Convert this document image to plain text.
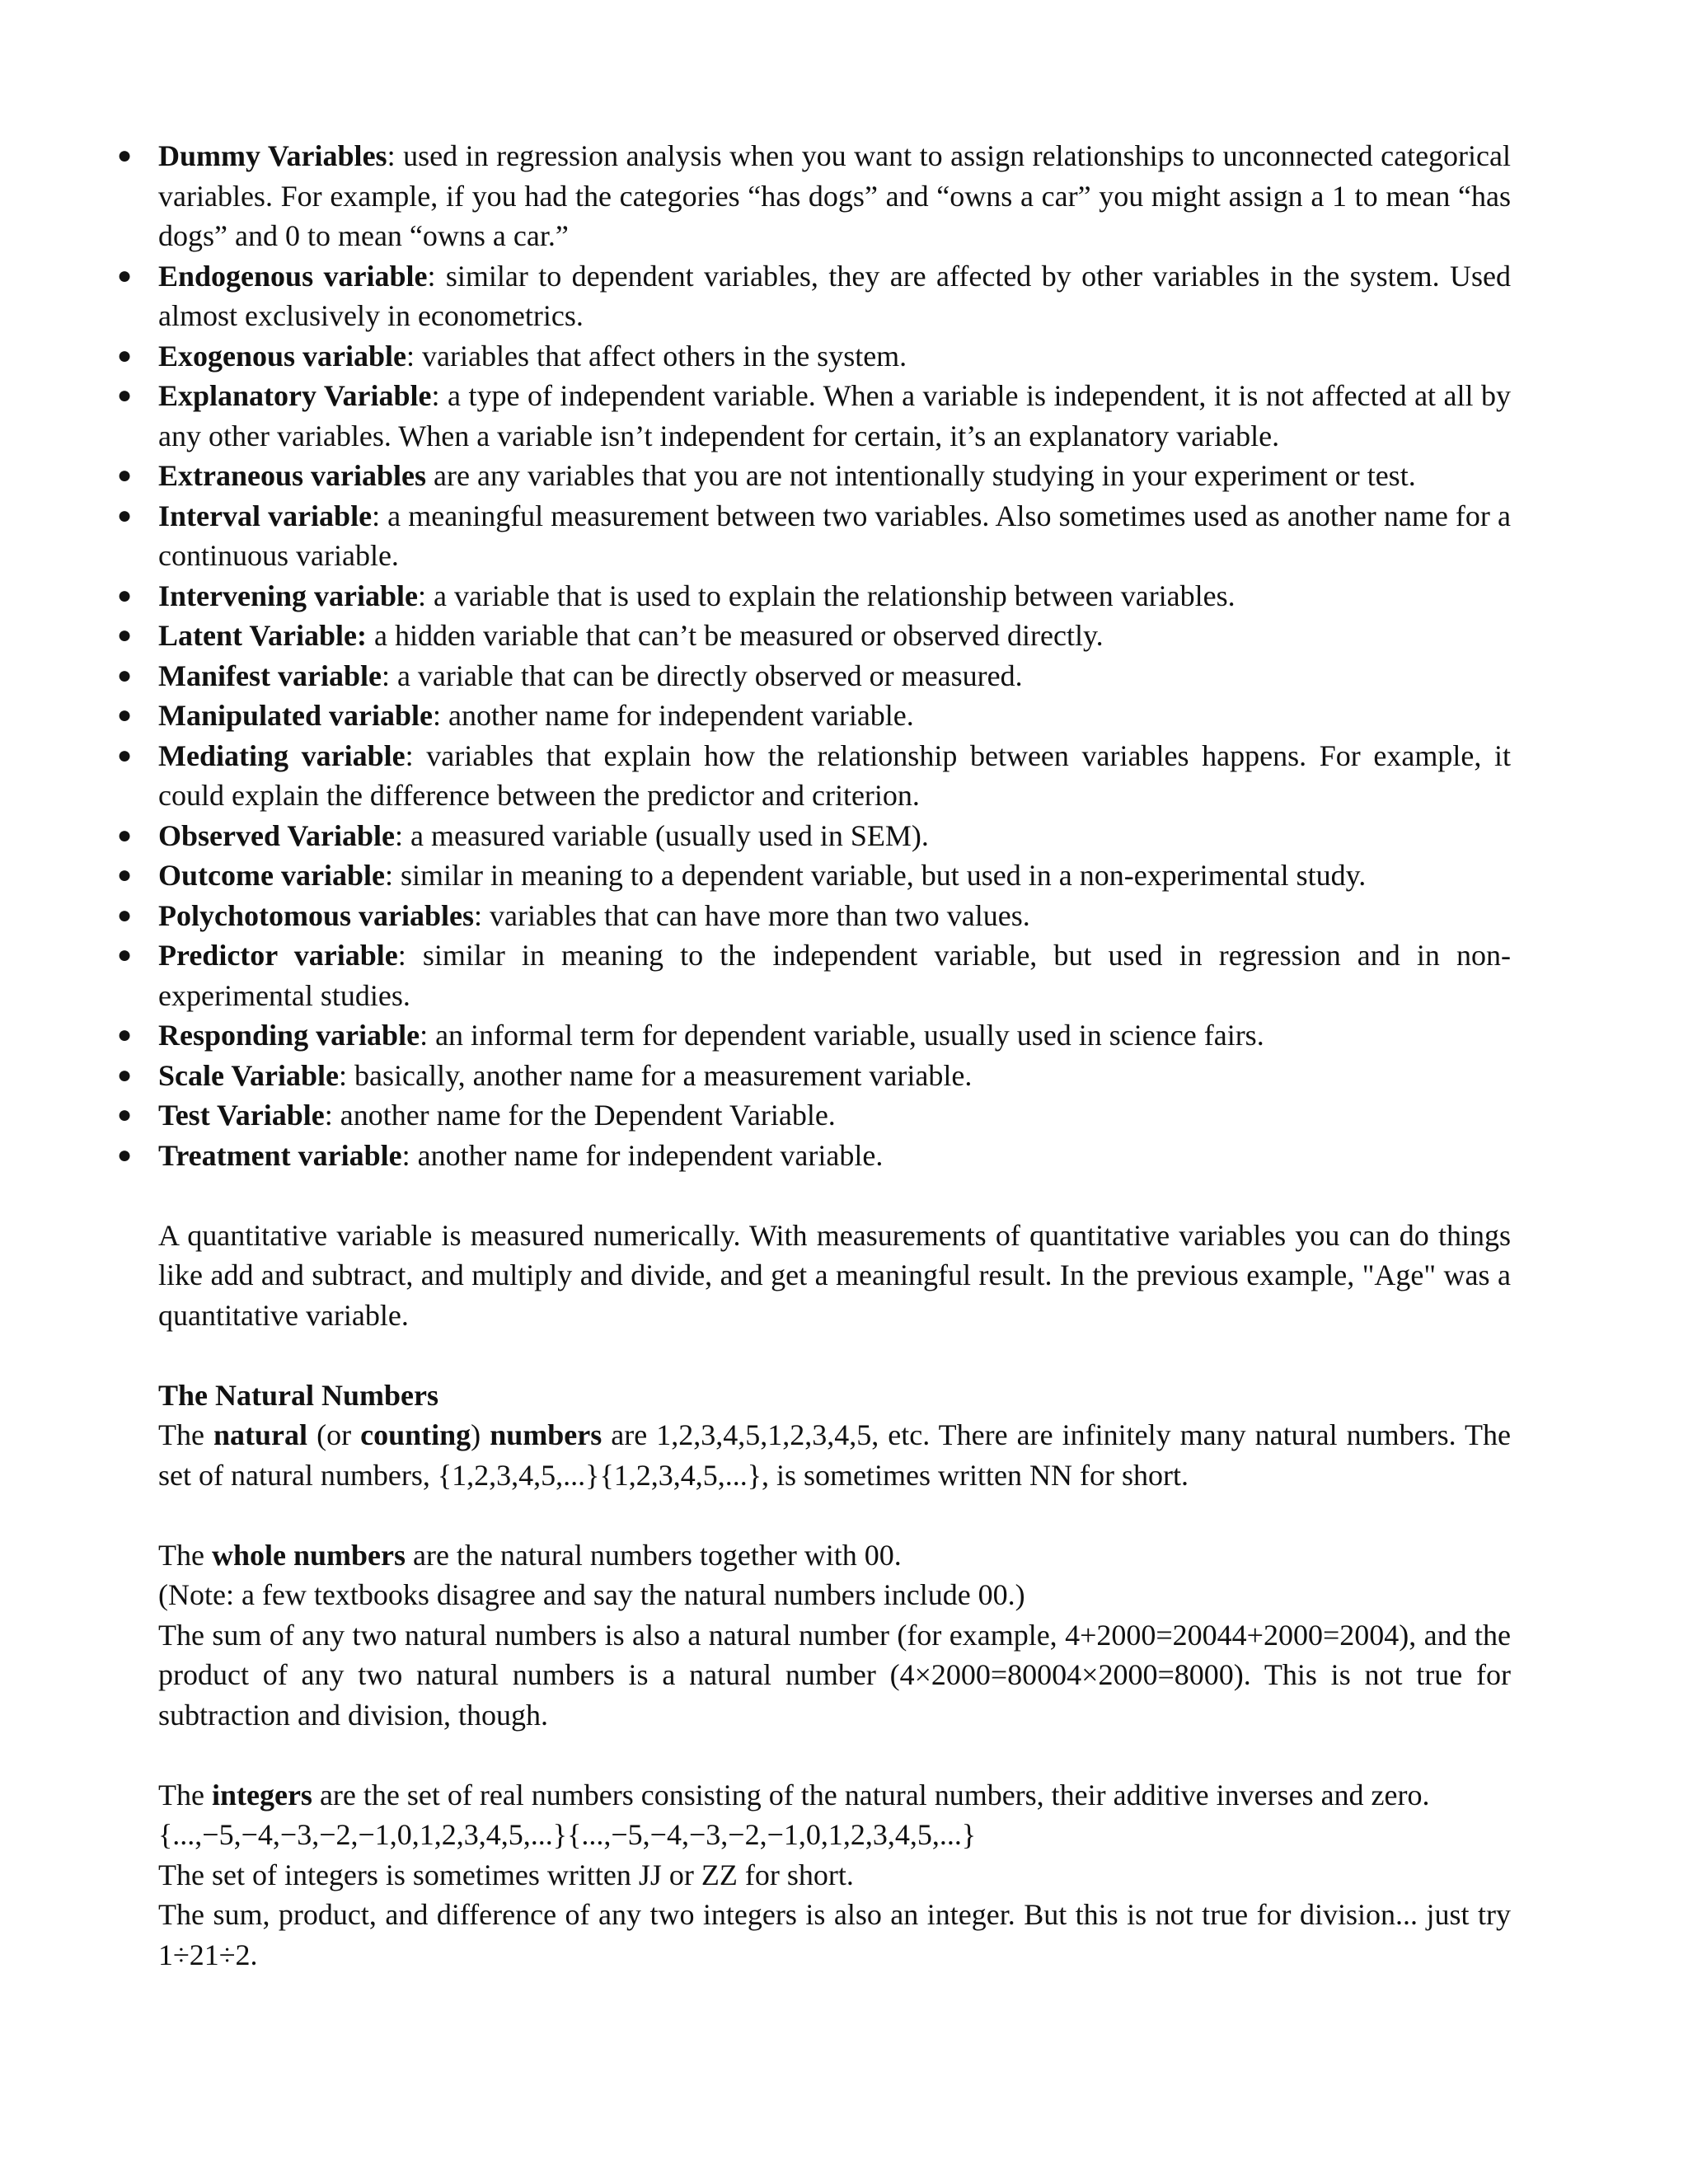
● Dummy Variables: used in regression analysis when you want to assign relationships to unconnected categorical variables. For example, if you had the categories “has dogs” and “owns a car” you might assign a 1 to mean “has dogs” and 0 to mean “owns a car.”
● Endogenous variable: similar to dependent variables, they are affected by other variables in the system. Used almost exclusively in econometrics.
● Exogenous variable: variables that affect others in the system.
● Explanatory Variable: a type of independent variable. When a variable is independent, it is not affected at all by any other variables. When a variable isn’t independent for certain, it’s an explanatory variable.
● Extraneous variables are any variables that you are not intentionally studying in your experiment or test.
● Interval variable: a meaningful measurement between two variables. Also sometimes used as another name for a continuous variable.
● Intervening variable: a variable that is used to explain the relationship between variables.
● Latent Variable: a hidden variable that can’t be measured or observed directly.
● Manifest variable: a variable that can be directly observed or measured.
● Manipulated variable: another name for independent variable.
● Mediating variable: variables that explain how the relationship between variables happens. For example, it could explain the difference between the predictor and criterion.
● Observed Variable: a measured variable (usually used in SEM).
● Outcome variable: similar in meaning to a dependent variable, but used in a non-experimental study.
● Polychotomous variables: variables that can have more than two values.
● Predictor variable: similar in meaning to the independent variable, but used in regression and in non-experimental studies.
● Responding variable: an informal term for dependent variable, usually used in science fairs.
● Scale Variable: basically, another name for a measurement variable.
● Test Variable: another name for the Dependent Variable.
● Treatment variable: another name for independent variable.

A quantitative variable is measured numerically. With measurements of quantitative variables you can do things like add and subtract, and multiply and divide, and get a meaningful result. In the previous example, "Age" was a quantitative variable.

The Natural Numbers

The natural (or counting) numbers are 1,2,3,4,5,1,2,3,4,5, etc. There are infinitely many natural numbers. The set of natural numbers, {1,2,3,4,5,...}{1,2,3,4,5,...}, is sometimes written NN for short.

The whole numbers are the natural numbers together with 00.

(Note: a few textbooks disagree and say the natural numbers include 00.)

The sum of any two natural numbers is also a natural number (for example, 4+2000=20044+2000=2004), and the product of any two natural numbers is a natural number (4×2000=80004×2000=8000). This is not true for subtraction and division, though.

The integers are the set of real numbers consisting of the natural numbers, their additive inverses and zero.

{...,−5,−4,−3,−2,−1,0,1,2,3,4,5,...}{...,−5,−4,−3,−2,−1,0,1,2,3,4,5,...}

The set of integers is sometimes written JJ or ZZ for short.

The sum, product, and difference of any two integers is also an integer. But this is not true for division... just try 1÷21÷2.
